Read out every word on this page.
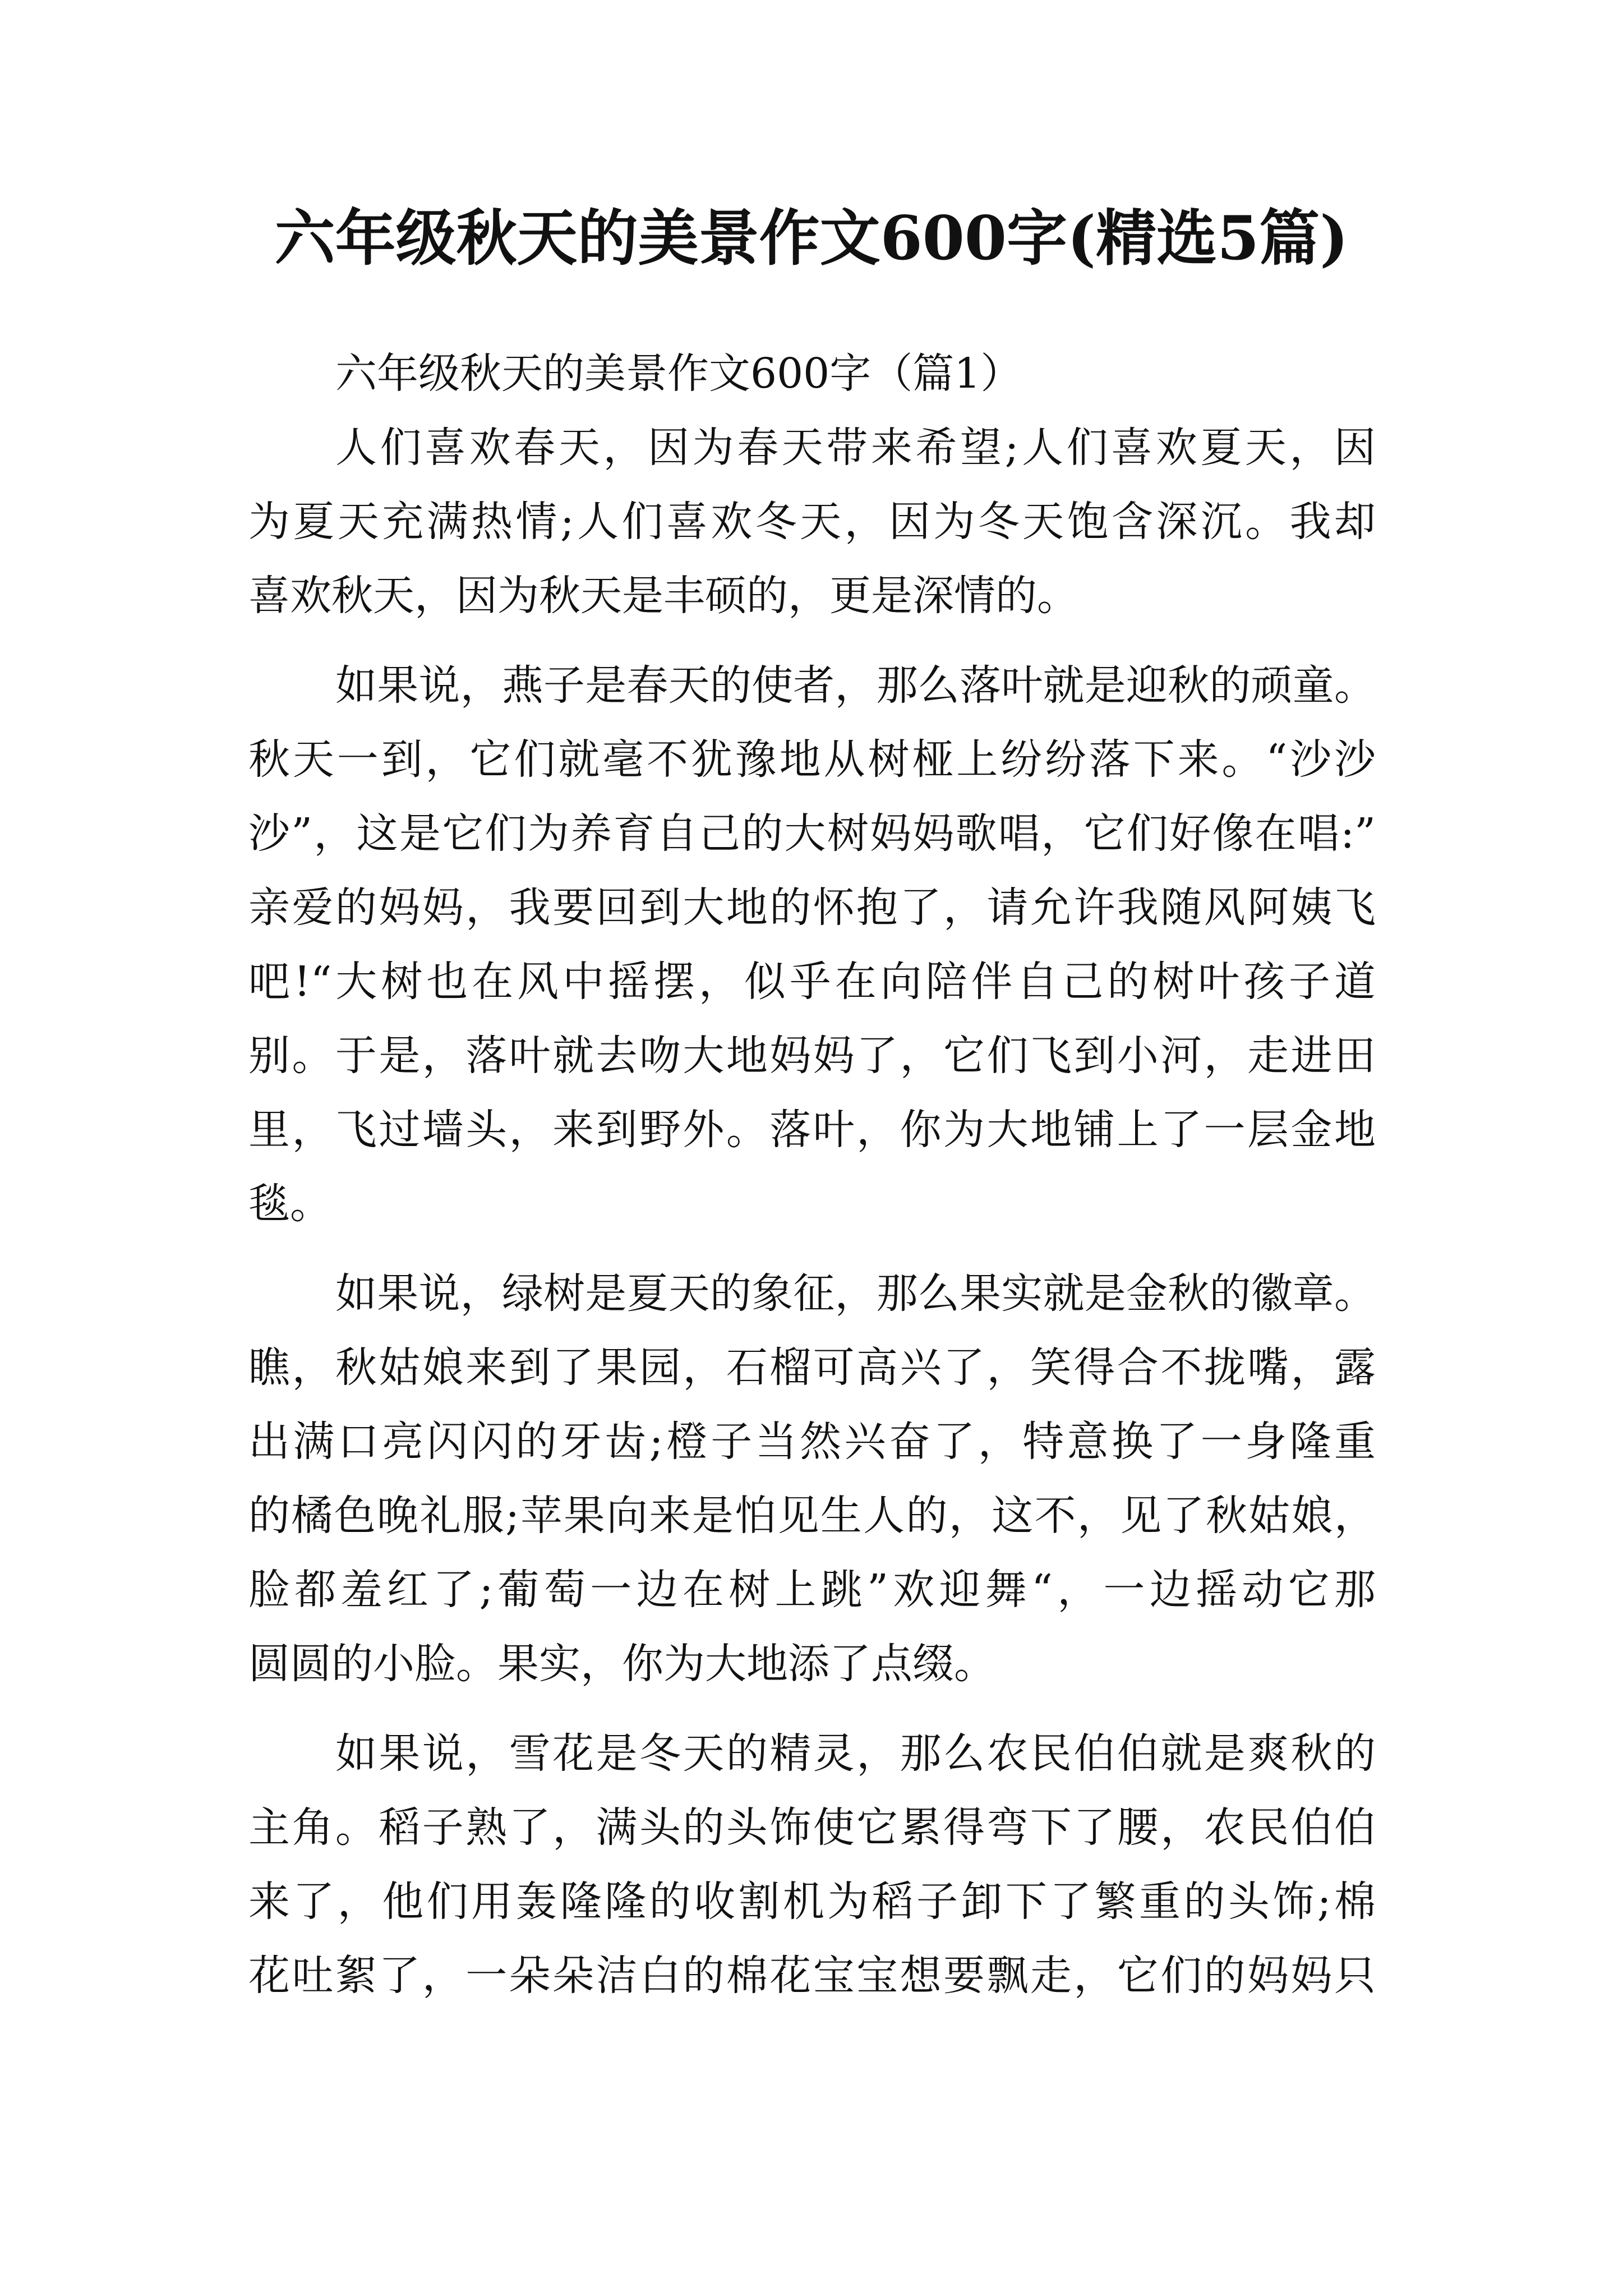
六年级秋天的美景作文600字(精选5篇)
六年级秋天的美景作文600字（篇1）
人们喜欢春天，因为春天带来希望;人们喜欢夏天，因
为夏天充满热情;人们喜欢冬天，因为冬天饱含深沉。我却
喜欢秋天，因为秋天是丰硕的，更是深情的。
如果说，燕子是春天的使者，那么落叶就是迎秋的顽童。
秋天一到，它们就毫不犹豫地从树桠上纷纷落下来。“沙沙
沙”，这是它们为养育自己的大树妈妈歌唱，它们好像在唱:”
亲爱的妈妈，我要回到大地的怀抱了，请允许我随风阿姨飞
吧!“大树也在风中摇摆，似乎在向陪伴自己的树叶孩子道
别。于是，落叶就去吻大地妈妈了，它们飞到小河，走进田
里，飞过墙头，来到野外。落叶，你为大地铺上了一层金地
毯。
如果说，绿树是夏天的象征，那么果实就是金秋的徽章。
瞧，秋姑娘来到了果园，石榴可高兴了，笑得合不拢嘴，露
出满口亮闪闪的牙齿;橙子当然兴奋了，特意换了一身隆重
的橘色晚礼服;苹果向来是怕见生人的，这不，见了秋姑娘，
脸都羞红了;葡萄一边在树上跳”欢迎舞“，一边摇动它那
圆圆的小脸。果实，你为大地添了点缀。
如果说，雪花是冬天的精灵，那么农民伯伯就是爽秋的
主角。稻子熟了，满头的头饰使它累得弯下了腰，农民伯伯
来了，他们用轰隆隆的收割机为稻子卸下了繁重的头饰;棉
花吐絮了，一朵朵洁白的棉花宝宝想要飘走，它们的妈妈只
